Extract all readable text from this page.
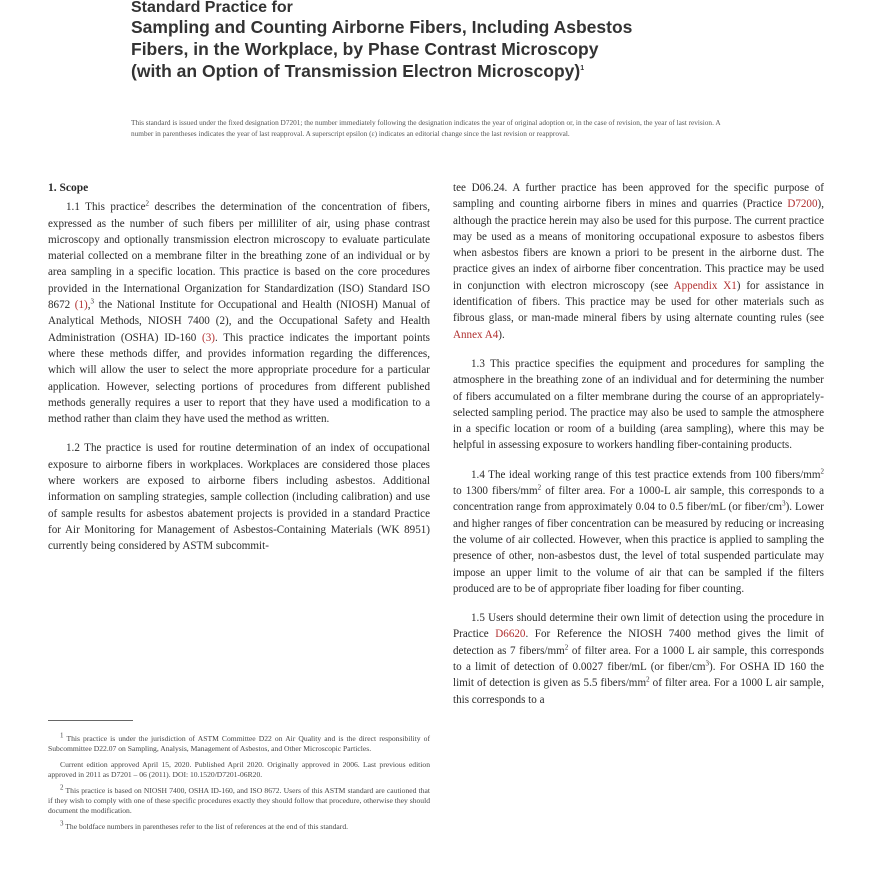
Standard Practice for
Sampling and Counting Airborne Fibers, Including Asbestos
Fibers, in the Workplace, by Phase Contrast Microscopy
(with an Option of Transmission Electron Microscopy)$^1$
This standard is issued under the fixed designation D7201; the number immediately following the designation indicates the year of original adoption or, in the case of revision, the year of last revision. A number in parentheses indicates the year of last reapproval. A superscript epsilon (ε) indicates an editorial change since the last revision or reapproval.
1. Scope

1.1 This practice$^2$ describes the determination of the concentration of fibers, expressed as the number of such fibers per milliliter of air, using phase contrast microscopy and optionally transmission electron microscopy to evaluate particulate material collected on a membrane filter in the breathing zone of an individual or by area sampling in a specific location. This practice is based on the core procedures provided in the International Organization for Standardization (ISO) Standard ISO 8672 (1),$^3$ the National Institute for Occupational and Health (NIOSH) Manual of Analytical Methods, NIOSH 7400 (2), and the Occupational Safety and Health Administration (OSHA) ID-160 (3). This practice indicates the important points where these methods differ, and provides information regarding the differences, which will allow the user to select the more appropriate procedure for a particular application. However, selecting portions of procedures from different published methods generally requires a user to report that they have used a modification to a method rather than claim they have used the method as written.

1.2 The practice is used for routine determination of an index of occupational exposure to airborne fibers in workplaces. Workplaces are considered those places where workers are exposed to airborne fibers including asbestos. Additional information on sampling strategies, sample collection (including calibration) and use of sample results for asbestos abatement projects is provided in a standard Practice for Air Monitoring for Management of Asbestos-Containing Materials (WK 8951) currently being considered by ASTM subcommit-

tee D06.24. A further practice has been approved for the specific purpose of sampling and counting airborne fibers in mines and quarries (Practice D7200), although the practice herein may also be used for this purpose. The current practice may be used as a means of monitoring occupational exposure to asbestos fibers when asbestos fibers are known a priori to be present in the airborne dust. The practice gives an index of airborne fiber concentration. This practice may be used in conjunction with electron microscopy (see Appendix X1) for assistance in identification of fibers. This practice may be used for other materials such as fibrous glass, or man-made mineral fibers by using alternate counting rules (see Annex A4).

1.3 This practice specifies the equipment and procedures for sampling the atmosphere in the breathing zone of an individual and for determining the number of fibers accumulated on a filter membrane during the course of an appropriately-selected sampling period. The practice may also be used to sample the atmosphere in a specific location or room of a building (area sampling), where this may be helpful in assessing exposure to workers handling fiber-containing products.

1.4 The ideal working range of this test practice extends from 100 fibers/$mm^2$ to 1300 fibers/$mm^2$ of filter area. For a 1000-L air sample, this corresponds to a concentration range from approximately 0.04 to 0.5 fiber/mL (or fiber/$cm^3$). Lower and higher ranges of fiber concentration can be measured by reducing or increasing the volume of air collected. However, when this practice is applied to sampling the presence of other, non-asbestos dust, the level of total suspended particulate may impose an upper limit to the volume of air that can be sampled if the filters produced are to be of appropriate fiber loading for fiber counting.

1.5 Users should determine their own limit of detection using the procedure in Practice D6620. For Reference the NIOSH 7400 method gives the limit of detection as 7 fibers/$mm^2$ of filter area. For a 1000 L air sample, this corresponds to a limit of detection of 0.0027 fiber/mL (or fiber/$cm^3$). For OSHA ID 160 the limit of detection is given as 5.5 fibers/$mm^2$ of filter area. For a 1000 L air sample, this corresponds to a

$^1$ This practice is under the jurisdiction of ASTM Committee D22 on Air Quality and is the direct responsibility of Subcommittee D22.07 on Sampling, Analysis, Management of Asbestos, and Other Microscopic Particles.

Current edition approved April 15, 2020. Published April 2020. Originally approved in 2006. Last previous edition approved in 2011 as D7201 – 06 (2011). DOI: 10.1520/D7201-06R20.

$^2$ This practice is based on NIOSH 7400, OSHA ID-160, and ISO 8672. Users of this ASTM standard are cautioned that if they wish to comply with one of these specific procedures exactly they should follow that procedure, otherwise they should document the modification.

$^3$ The boldface numbers in parentheses refer to the list of references at the end of this standard.
